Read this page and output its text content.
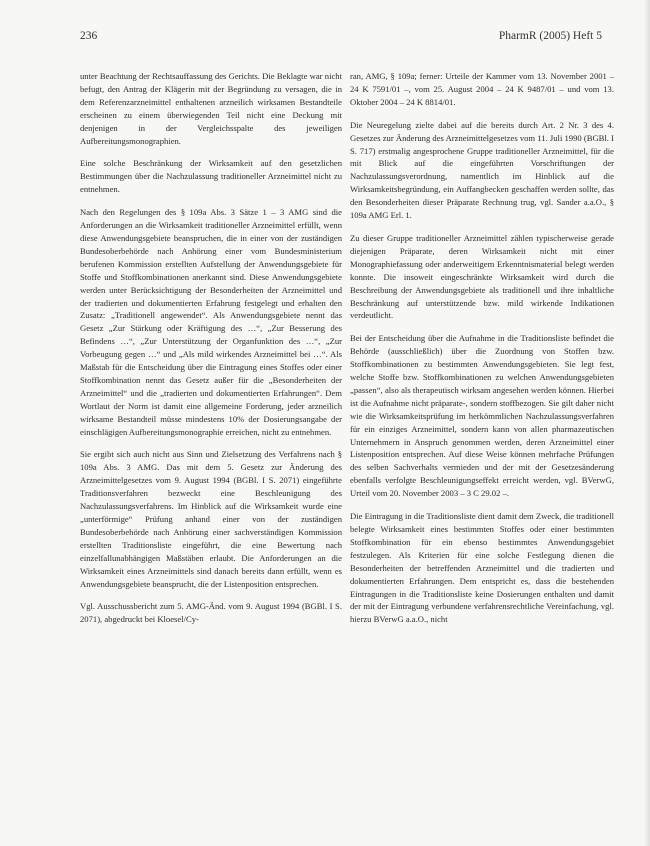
236	PharmR (2005) Heft 5

unter Beachtung der Rechtsauffassung des Gerichts. Die Beklagte war nicht befugt, den Antrag der Klägerin mit der Begründung zu versagen, die in dem Referenzarzneimittel enthaltenen arzneilich wirksamen Bestandteile erscheinen zu einem überwiegenden Teil nicht eine Deckung mit denjenigen in der Vergleichsspalte des jeweiligen Aufbereitungsmonographien.

Eine solche Beschränkung der Wirksamkeit auf den gesetzlichen Bestimmungen über die Nachzulassung traditioneller Arzneimittel nicht zu entnehmen.

Nach den Regelungen des § 109a Abs. 3 Sätze 1 – 3 AMG sind die Anforderungen an die Wirksamkeit traditioneller Arzneimittel erfüllt, wenn diese Anwendungsgebiete beanspruchen, die in einer von der zuständigen Bundesoberbehörde nach Anhörung einer vom Bundesministerium berufenen Kommission erstellten Aufstellung der Anwendungsgebiete für Stoffe und Stoffkombinationen anerkannt sind. Diese Anwendungsgebiete werden unter Berücksichtigung der Besonderheiten der Arzneimittel und der tradierten und dokumentierten Erfahrung festgelegt und erhalten den Zusatz: „Traditionell angewendet“. Als Anwendungsgebiete nennt das Gesetz „Zur Stärkung oder Kräftigung des …“, „Zur Besserung des Befindens …“, „Zur Unterstützung der Organfunktion des …“, „Zur Vorbeugung gegen …“ und „Als mild wirkendes Arzneimittel bei …“. Als Maßstab für die Entscheidung über die Eintragung eines Stoffes oder einer Stoffkombination nennt das Gesetz außer für die „Besonderheiten der Arzneimittel“ und die „tradierten und dokumentierten Erfahrungen“. Dem Wortlaut der Norm ist damit eine allgemeine Forderung, jeder arzneilich wirksame Bestandteil müsse mindestens 10% der Dosierungsangabe der einschlägigen Aufbereitungsmonographie erreichen, nicht zu entnehmen.

Sie ergibt sich auch nicht aus Sinn und Zielsetzung des Verfahrens nach § 109a Abs. 3 AMG. Das mit dem 5. Gesetz zur Änderung des Arzneimittelgesetzes vom 9. August 1994 (BGBl. I S. 2071) eingeführte Traditionsverfahren bezweckt eine Beschleunigung des Nachzulassungsverfahrens. Im Hinblick auf die Wirksamkeit wurde eine „unterförmige“ Prüfung anhand einer von der zuständigen Bundesoberbehörde nach Anhörung einer sachverständigen Kommission erstellten Traditionsliste eingeführt, die eine Bewertung nach einzelfallunabhängigen Maßstäben erlaubt. Die Anforderungen an die Wirksamkeit eines Arzneimittels sind danach bereits dann erfüllt, wenn es Anwendungsgebiete beansprucht, die der Listenposition entsprechen.

Vgl. Ausschussbericht zum 5. AMG-Änd. vom 9. August 1994 (BGBl. I S. 2071), abgedruckt bei Kloesel/Cy-

ran, AMG, § 109a; ferner: Urteile der Kammer vom 13. November 2001 – 24 K 7591/01 –, vom 25. August 2004 – 24 K 9487/01 – und vom 13. Oktober 2004 – 24 K 8814/01.

Die Neuregelung zielte dabei auf die bereits durch Art. 2 Nr. 3 des 4. Gesetzes zur Änderung des Arzneimittelgesetzes vom 11. Juli 1990 (BGBl. I S. 717) erstmalig angesprochene Gruppe traditioneller Arzneimittel, für die mit Blick auf die eingeführten Vorschriftungen der Nachzulassungsverordnung, namentlich im Hinblick auf die Wirksamkeitsbegründung, ein Auffangbecken geschaffen werden sollte, das den Besonderheiten dieser Präparate Rechnung trug, vgl. Sander a.a.O., § 109a AMG Erl. 1.

Zu dieser Gruppe traditioneller Arzneimittel zählen typischerweise gerade diejenigen Präparate, deren Wirksamkeit nicht mit einer Monographiefassung oder anderweitigem Erkenntnismaterial belegt werden konnte. Die insoweit eingeschränkte Wirksamkeit wird durch die Beschreibung der Anwendungsgebiete als traditionell und ihre inhaltliche Beschränkung auf unterstützende bzw. mild wirkende Indikationen verdeutlicht.

Bei der Entscheidung über die Aufnahme in die Traditionsliste befindet die Behörde (ausschließlich) über die Zuordnung von Stoffen bzw. Stoffkombinationen zu bestimmten Anwendungsgebieten. Sie legt fest, welche Stoffe bzw. Stoffkombinationen zu welchen Anwendungsgebieten „passen“, also als therapeutisch wirksam angesehen werden können. Hierbei ist die Aufnahme nicht präparate-, sondern stoffbezogen. Sie gilt daher nicht wie die Wirksamkeitsprüfung im herkömmlichen Nachzulassungsverfahren für ein einziges Arzneimittel, sondern kann von allen pharmazeutischen Unternehmern in Anspruch genommen werden, deren Arzneimittel einer Listenposition entsprechen. Auf diese Weise können mehrfache Prüfungen des selben Sachverhalts vermieden und der mit der Gesetzesänderung ebenfalls verfolgte Beschleunigungseffekt erreicht werden, vgl. BVerwG, Urteil vom 20. November 2003 – 3 C 29.02 –.

Die Eintragung in die Traditionsliste dient damit dem Zweck, die traditionell belegte Wirksamkeit eines bestimmten Stoffes oder einer bestimmten Stoffkombination für ein ebenso bestimmtes Anwendungsgebiet festzulegen. Als Kriterien für eine solche Festlegung dienen die Besonderheiten der betreffenden Arzneimittel und die tradierten und dokumentierten Erfahrungen. Dem entspricht es, dass die bestehenden Eintragungen in die Traditionsliste keine Dosierungen enthalten und damit der mit der Eintragung verbundene verfahrensrechtliche Vereinfachung, vgl. hierzu BVerwG a.a.O., nicht
